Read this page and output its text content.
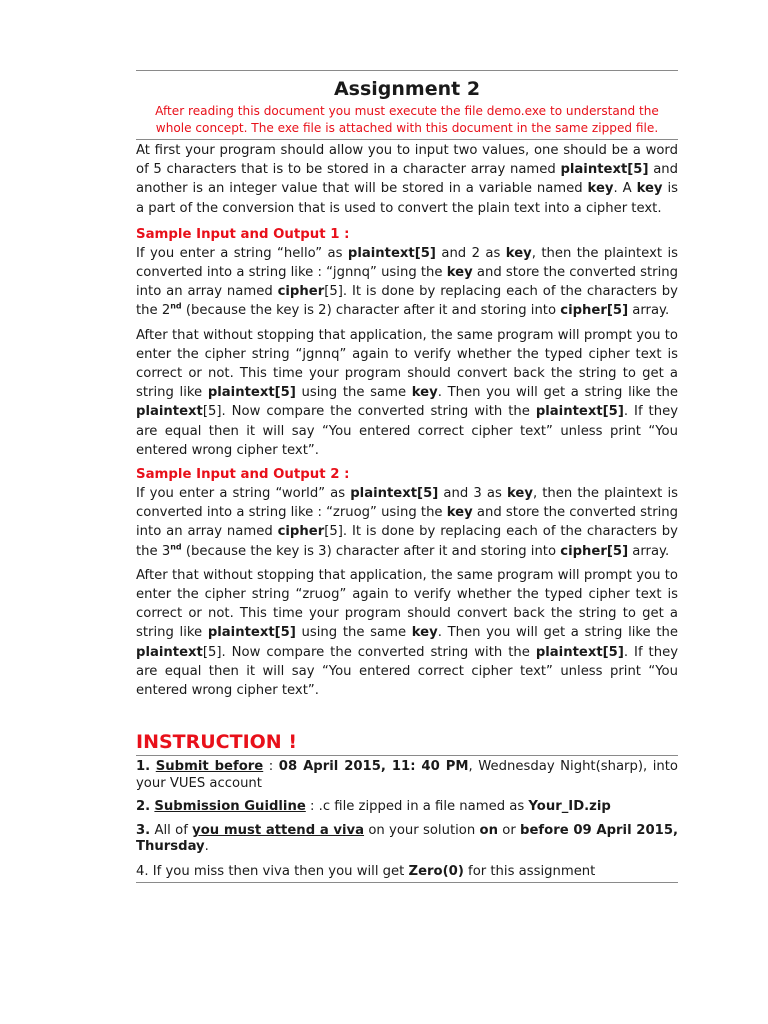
Assignment 2
After reading this document you must execute the file demo.exe to understand the
whole concept. The exe file is attached with this document in the same zipped file.

At first your program should allow you to input two values, one should be a word of 5 characters that is to be stored in a character array named plaintext[5] and another is an integer value that will be stored in a variable named key. A key is a part of the conversion that is used to convert the plain text into a cipher text.

Sample Input and Output 1 :

If you enter a string “hello” as plaintext[5] and 2 as key, then the plaintext is converted into a string like : “jgnnq” using the key and store the converted string into an array named cipher[5]. It is done by replacing each of the characters by the 2nd (because the key is 2) character after it and storing into cipher[5] array.

After that without stopping that application, the same program will prompt you to enter the cipher string “jgnnq” again to verify whether the typed cipher text is correct or not. This time your program should convert back the string to get a string like plaintext[5] using the same key. Then you will get a string like the plaintext[5]. Now compare the converted string with the plaintext[5]. If they are equal then it will say “You entered correct cipher text” unless print “You entered wrong cipher text”.

Sample Input and Output 2 :

If you enter a string “world” as plaintext[5] and 3 as key, then the plaintext is converted into a string like : “zruog” using the key and store the converted string into an array named cipher[5]. It is done by replacing each of the characters by the 3nd (because the key is 3) character after it and storing into cipher[5] array.

After that without stopping that application, the same program will prompt you to enter the cipher string “zruog” again to verify whether the typed cipher text is correct or not. This time your program should convert back the string to get a string like plaintext[5] using the same key. Then you will get a string like the plaintext[5]. Now compare the converted string with the plaintext[5]. If they are equal then it will say “You entered correct cipher text” unless print “You entered wrong cipher text”.

INSTRUCTION !

1. Submit before : 08 April 2015, 11: 40 PM, Wednesday Night(sharp), into your VUES account

2. Submission Guidline : .c file zipped in a file named as Your_ID.zip

3. All of you must attend a viva on your solution on or before 09 April 2015, Thursday.

4. If you miss then viva then you will get Zero(0) for this assignment
